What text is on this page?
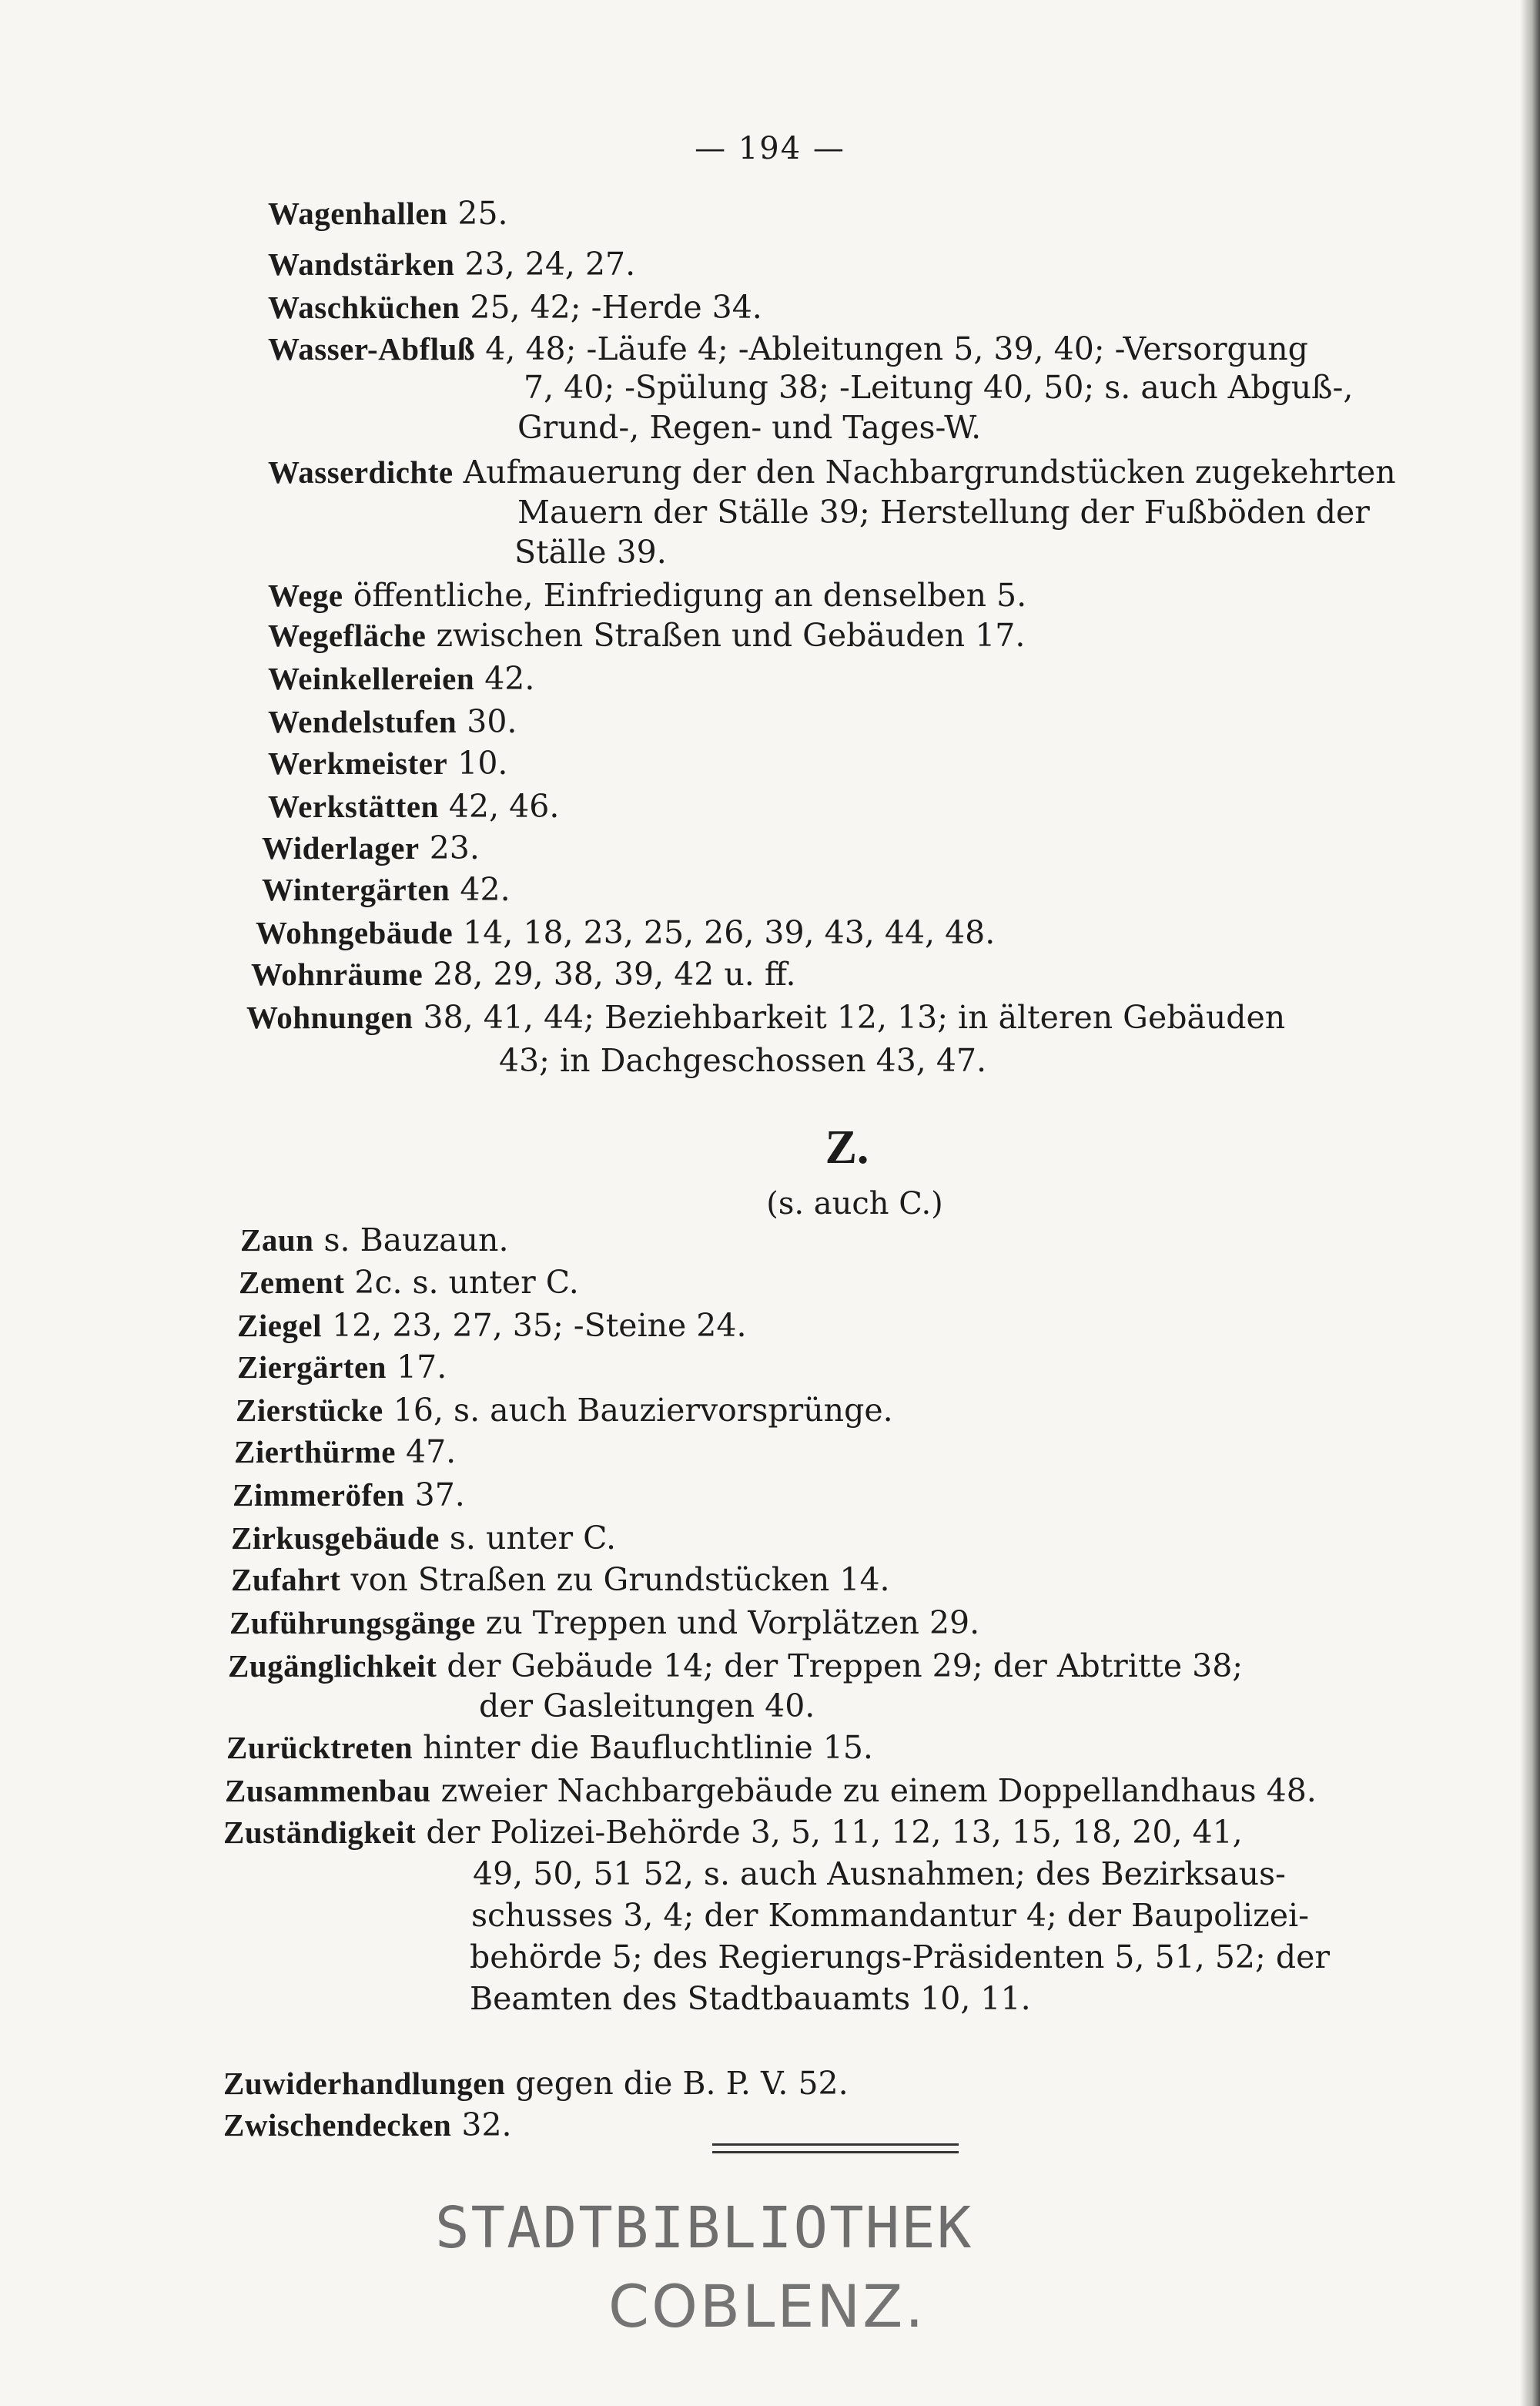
— 194 —
Wagenhallen 25.
Wandstärken 23, 24, 27.
Waschküchen 25, 42; -Herde 34.
Wasser-Abfluß 4, 48; -Läufe 4; -Ableitungen 5, 39, 40; -Versorgung
7, 40; -Spülung 38; -Leitung 40, 50; s. auch Abguß-,
Grund-, Regen- und Tages-W.
Wasserdichte Aufmauerung der den Nachbargrundstücken zugekehrten
Mauern der Ställe 39; Herstellung der Fußböden der
Ställe 39.
Wege öffentliche, Einfriedigung an denselben 5.
Wegefläche zwischen Straßen und Gebäuden 17.
Weinkellereien 42.
Wendelstufen 30.
Werkmeister 10.
Werkstätten 42, 46.
Widerlager 23.
Wintergärten 42.
Wohngebäude 14, 18, 23, 25, 26, 39, 43, 44, 48.
Wohnräume 28, 29, 38, 39, 42 u. ff.
Wohnungen 38, 41, 44; Beziehbarkeit 12, 13; in älteren Gebäuden
43; in Dachgeschossen 43, 47.
Z.
(s. auch C.)
Zaun s. Bauzaun.
Zement 2c. s. unter C.
Ziegel 12, 23, 27, 35; -Steine 24.
Ziergärten 17.
Zierstücke 16, s. auch Bauziervorsprünge.
Zierthürme 47.
Zimmeröfen 37.
Zirkusgebäude s. unter C.
Zufahrt von Straßen zu Grundstücken 14.
Zuführungsgänge zu Treppen und Vorplätzen 29.
Zugänglichkeit der Gebäude 14; der Treppen 29; der Abtritte 38;
der Gasleitungen 40.
Zurücktreten hinter die Baufluchtlinie 15.
Zusammenbau zweier Nachbargebäude zu einem Doppellandhaus 48.
Zuständigkeit der Polizei-Behörde 3, 5, 11, 12, 13, 15, 18, 20, 41,
49, 50, 51 52, s. auch Ausnahmen; des Bezirksaus-
schusses 3, 4; der Kommandantur 4; der Baupolizei-
behörde 5; des Regierungs-Präsidenten 5, 51, 52; der
Beamten des Stadtbauamts 10, 11.
Zuwiderhandlungen gegen die B. P. V. 52.
Zwischendecken 32.
STADTBIBLIOTHEK
COBLENZ.
